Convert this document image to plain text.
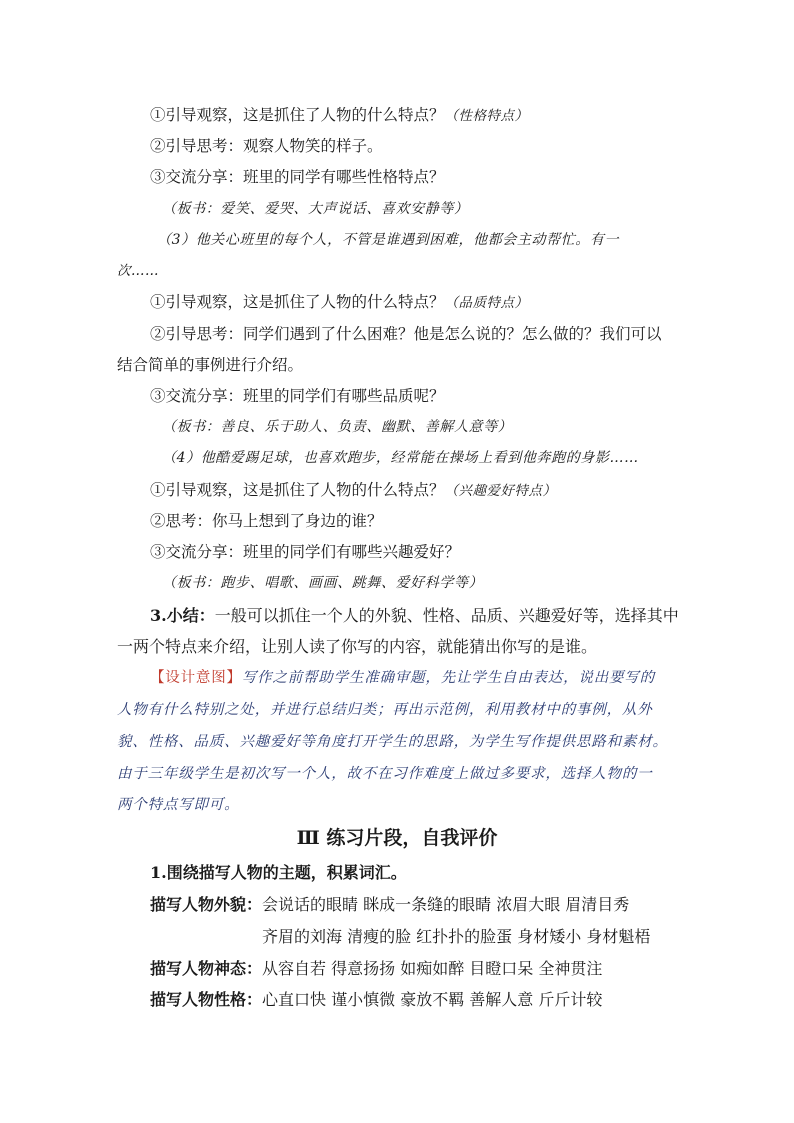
①引导观察，这是抓住了人物的什么特点？（性格特点）
②引导思考：观察人物笑的样子。
③交流分享：班里的同学有哪些性格特点？
（板书：爱笑、爱哭、大声说话、喜欢安静等）
（3）他关心班里的每个人，不管是谁遇到困难，他都会主动帮忙。有一
次……
①引导观察，这是抓住了人物的什么特点？（品质特点）
②引导思考：同学们遇到了什么困难？他是怎么说的？怎么做的？我们可以
结合简单的事例进行介绍。
③交流分享：班里的同学们有哪些品质呢？
（板书：善良、乐于助人、负责、幽默、善解人意等）
（4）他酷爱踢足球，也喜欢跑步，经常能在操场上看到他奔跑的身影……
①引导观察，这是抓住了人物的什么特点？（兴趣爱好特点）
②思考：你马上想到了身边的谁？
③交流分享：班里的同学们有哪些兴趣爱好？
（板书：跑步、唱歌、画画、跳舞、爱好科学等）
3.小结：一般可以抓住一个人的外貌、性格、品质、兴趣爱好等，选择其中
一两个特点来介绍，让别人读了你写的内容，就能猜出你写的是谁。
【设计意图】写作之前帮助学生准确审题，先让学生自由表达，说出要写的
人物有什么特别之处，并进行总结归类；再出示范例，利用教材中的事例，从外
貌、性格、品质、兴趣爱好等角度打开学生的思路，为学生写作提供思路和素材。
由于三年级学生是初次写一个人，故不在习作难度上做过多要求，选择人物的一
两个特点写即可。
Ⅲ 练习片段，自我评价
1.围绕描写人物的主题，积累词汇。
描写人物外貌：会说话的眼睛 眯成一条缝的眼睛 浓眉大眼 眉清目秀
齐眉的刘海 清瘦的脸 红扑扑的脸蛋 身材矮小 身材魁梧
描写人物神态：从容自若 得意扬扬 如痴如醉 目瞪口呆 全神贯注
描写人物性格：心直口快 谨小慎微 豪放不羁 善解人意 斤斤计较
